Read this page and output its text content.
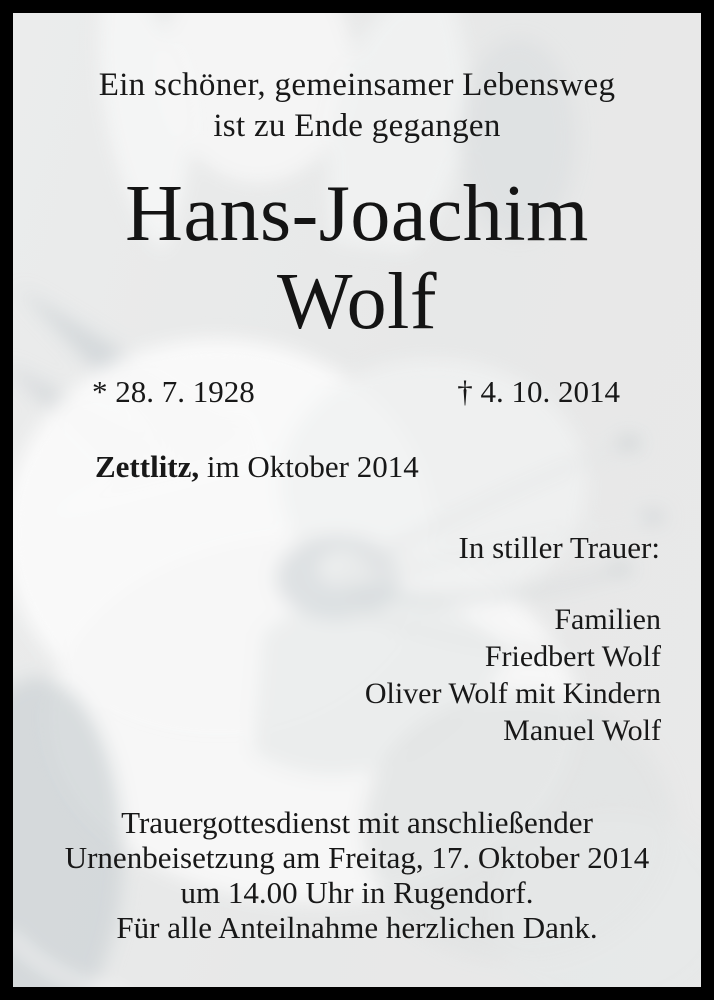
Ein schöner, gemeinsamer Lebensweg
ist zu Ende gegangen
Hans-Joachim
Wolf
* 28. 7. 1928	† 4. 10. 2014
Zettlitz, im Oktober 2014
In stiller Trauer:
Familien
Friedbert Wolf
Oliver Wolf mit Kindern
Manuel Wolf
Trauergottesdienst mit anschließender
Urnenbeisetzung am Freitag, 17. Oktober 2014
um 14.00 Uhr in Rugendorf.
Für alle Anteilnahme herzlichen Dank.
